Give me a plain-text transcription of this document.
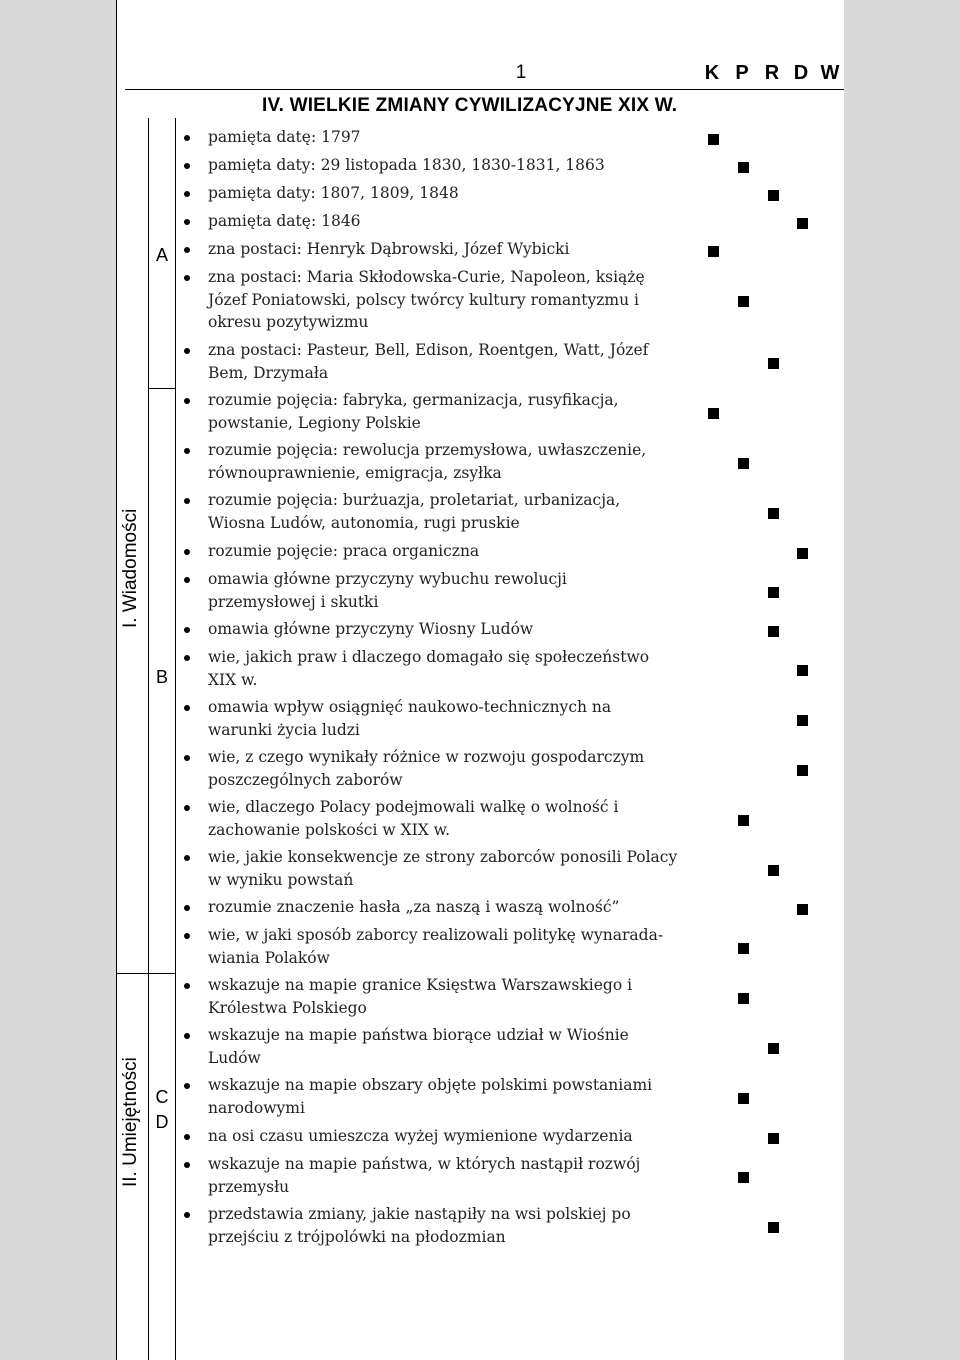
1	K P R D W
IV. WIELKIE ZMIANY CYWILIZACYJNE XIX W.
I. Wiadomości
II. Umiejętności
A
B
C
D
pamięta datę: 1797
pamięta daty: 29 listopada 1830, 1830-1831, 1863
pamięta daty: 1807, 1809, 1848
pamięta datę: 1846
zna postaci: Henryk Dąbrowski, Józef Wybicki
zna postaci: Maria Skłodowska-Curie, Napoleon, książę Józef Poniatowski, polscy twórcy kultury romantyzmu i okresu pozytywizmu
zna postaci: Pasteur, Bell, Edison, Roentgen, Watt, Józef Bem, Drzymała
rozumie pojęcia: fabryka, germanizacja, rusyfikacja, powstanie, Legiony Polskie
rozumie pojęcia: rewolucja przemysłowa, uwłaszczenie, równouprawnienie, emigracja, zsyłka
rozumie pojęcia: burżuazja, proletariat, urbanizacja, Wiosna Ludów, autonomia, rugi pruskie
rozumie pojęcie: praca organiczna
omawia główne przyczyny wybuchu rewolucji przemysłowej i skutki
omawia główne przyczyny Wiosny Ludów
wie, jakich praw i dlaczego domagało się społeczeństwo XIX w.
omawia wpływ osiągnięć naukowo-technicznych na warunki życia ludzi
wie, z czego wynikały różnice w rozwoju gospodarczym poszczególnych zaborów
wie, dlaczego Polacy podejmowali walkę o wolność i zachowanie polskości w XIX w.
wie, jakie konsekwencje ze strony zaborców ponosili Polacy w wyniku powstań
rozumie znaczenie hasła „za naszą i waszą wolność”
wie, w jaki sposób zaborcy realizowali politykę wynarada-wiania Polaków
wskazuje na mapie granice Księstwa Warszawskiego i Królestwa Polskiego
wskazuje na mapie państwa biorące udział w Wiośnie Ludów
wskazuje na mapie obszary objęte polskimi powstaniami narodowymi
na osi czasu umieszcza wyżej wymienione wydarzenia
wskazuje na mapie państwa, w których nastąpił rozwój przemysłu
przedstawia zmiany, jakie nastąpiły na wsi polskiej po przejściu z trójpolówki na płodozmian
